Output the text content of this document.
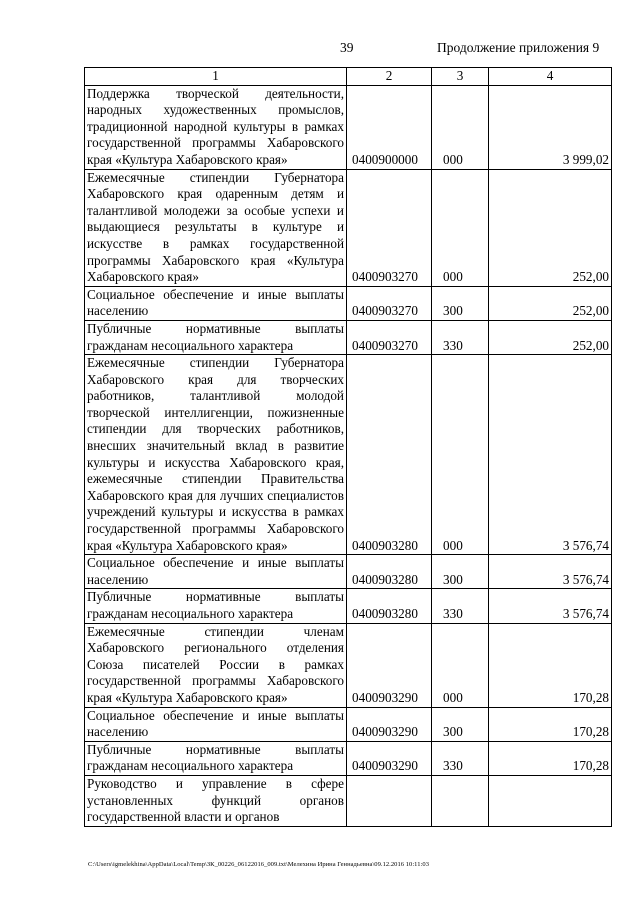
39	Продолжение приложения 9
1	2	3	4
Поддержка творческой деятельности, народных художественных промыслов, традиционной народной культуры в рамках государственной программы Хабаровского края «Культура Хабаровского края»	0400900000	000	3 999,02
Ежемесячные стипендии Губернатора Хабаровского края одаренным детям и талантливой молодежи за особые успехи и выдающиеся результаты в культуре и искусстве в рамках государственной программы Хабаровского края «Культура Хабаровского края»	0400903270	000	252,00
Социальное обеспечение и иные выплаты населению	0400903270	300	252,00
Публичные нормативные выплаты гражданам несоциального характера	0400903270	330	252,00
Ежемесячные стипендии Губернатора Хабаровского края для творческих работников, талантливой молодой творческой интеллигенции, пожизненные стипендии для творческих работников, внесших значительный вклад в развитие культуры и искусства Хабаровского края, ежемесячные стипендии Правительства Хабаровского края для лучших специалистов учреждений культуры и искусства в рамках государственной программы Хабаровского края «Культура Хабаровского края»	0400903280	000	3 576,74
Социальное обеспечение и иные выплаты населению	0400903280	300	3 576,74
Публичные нормативные выплаты гражданам несоциального характера	0400903280	330	3 576,74
Ежемесячные стипендии членам Хабаровского регионального отделения Союза писателей России в рамках государственной программы Хабаровского края «Культура Хабаровского края»	0400903290	000	170,28
Социальное обеспечение и иные выплаты населению	0400903290	300	170,28
Публичные нормативные выплаты гражданам несоциального характера	0400903290	330	170,28
Руководство и управление в сфере установленных функций органов государственной власти и органов			
C:\Users\igmelekhina\AppData\Local\Temp\ЗК_00226_06122016_009.txt\Мелехина Ирина Геннадьевна\09.12.2016 10:11:03
